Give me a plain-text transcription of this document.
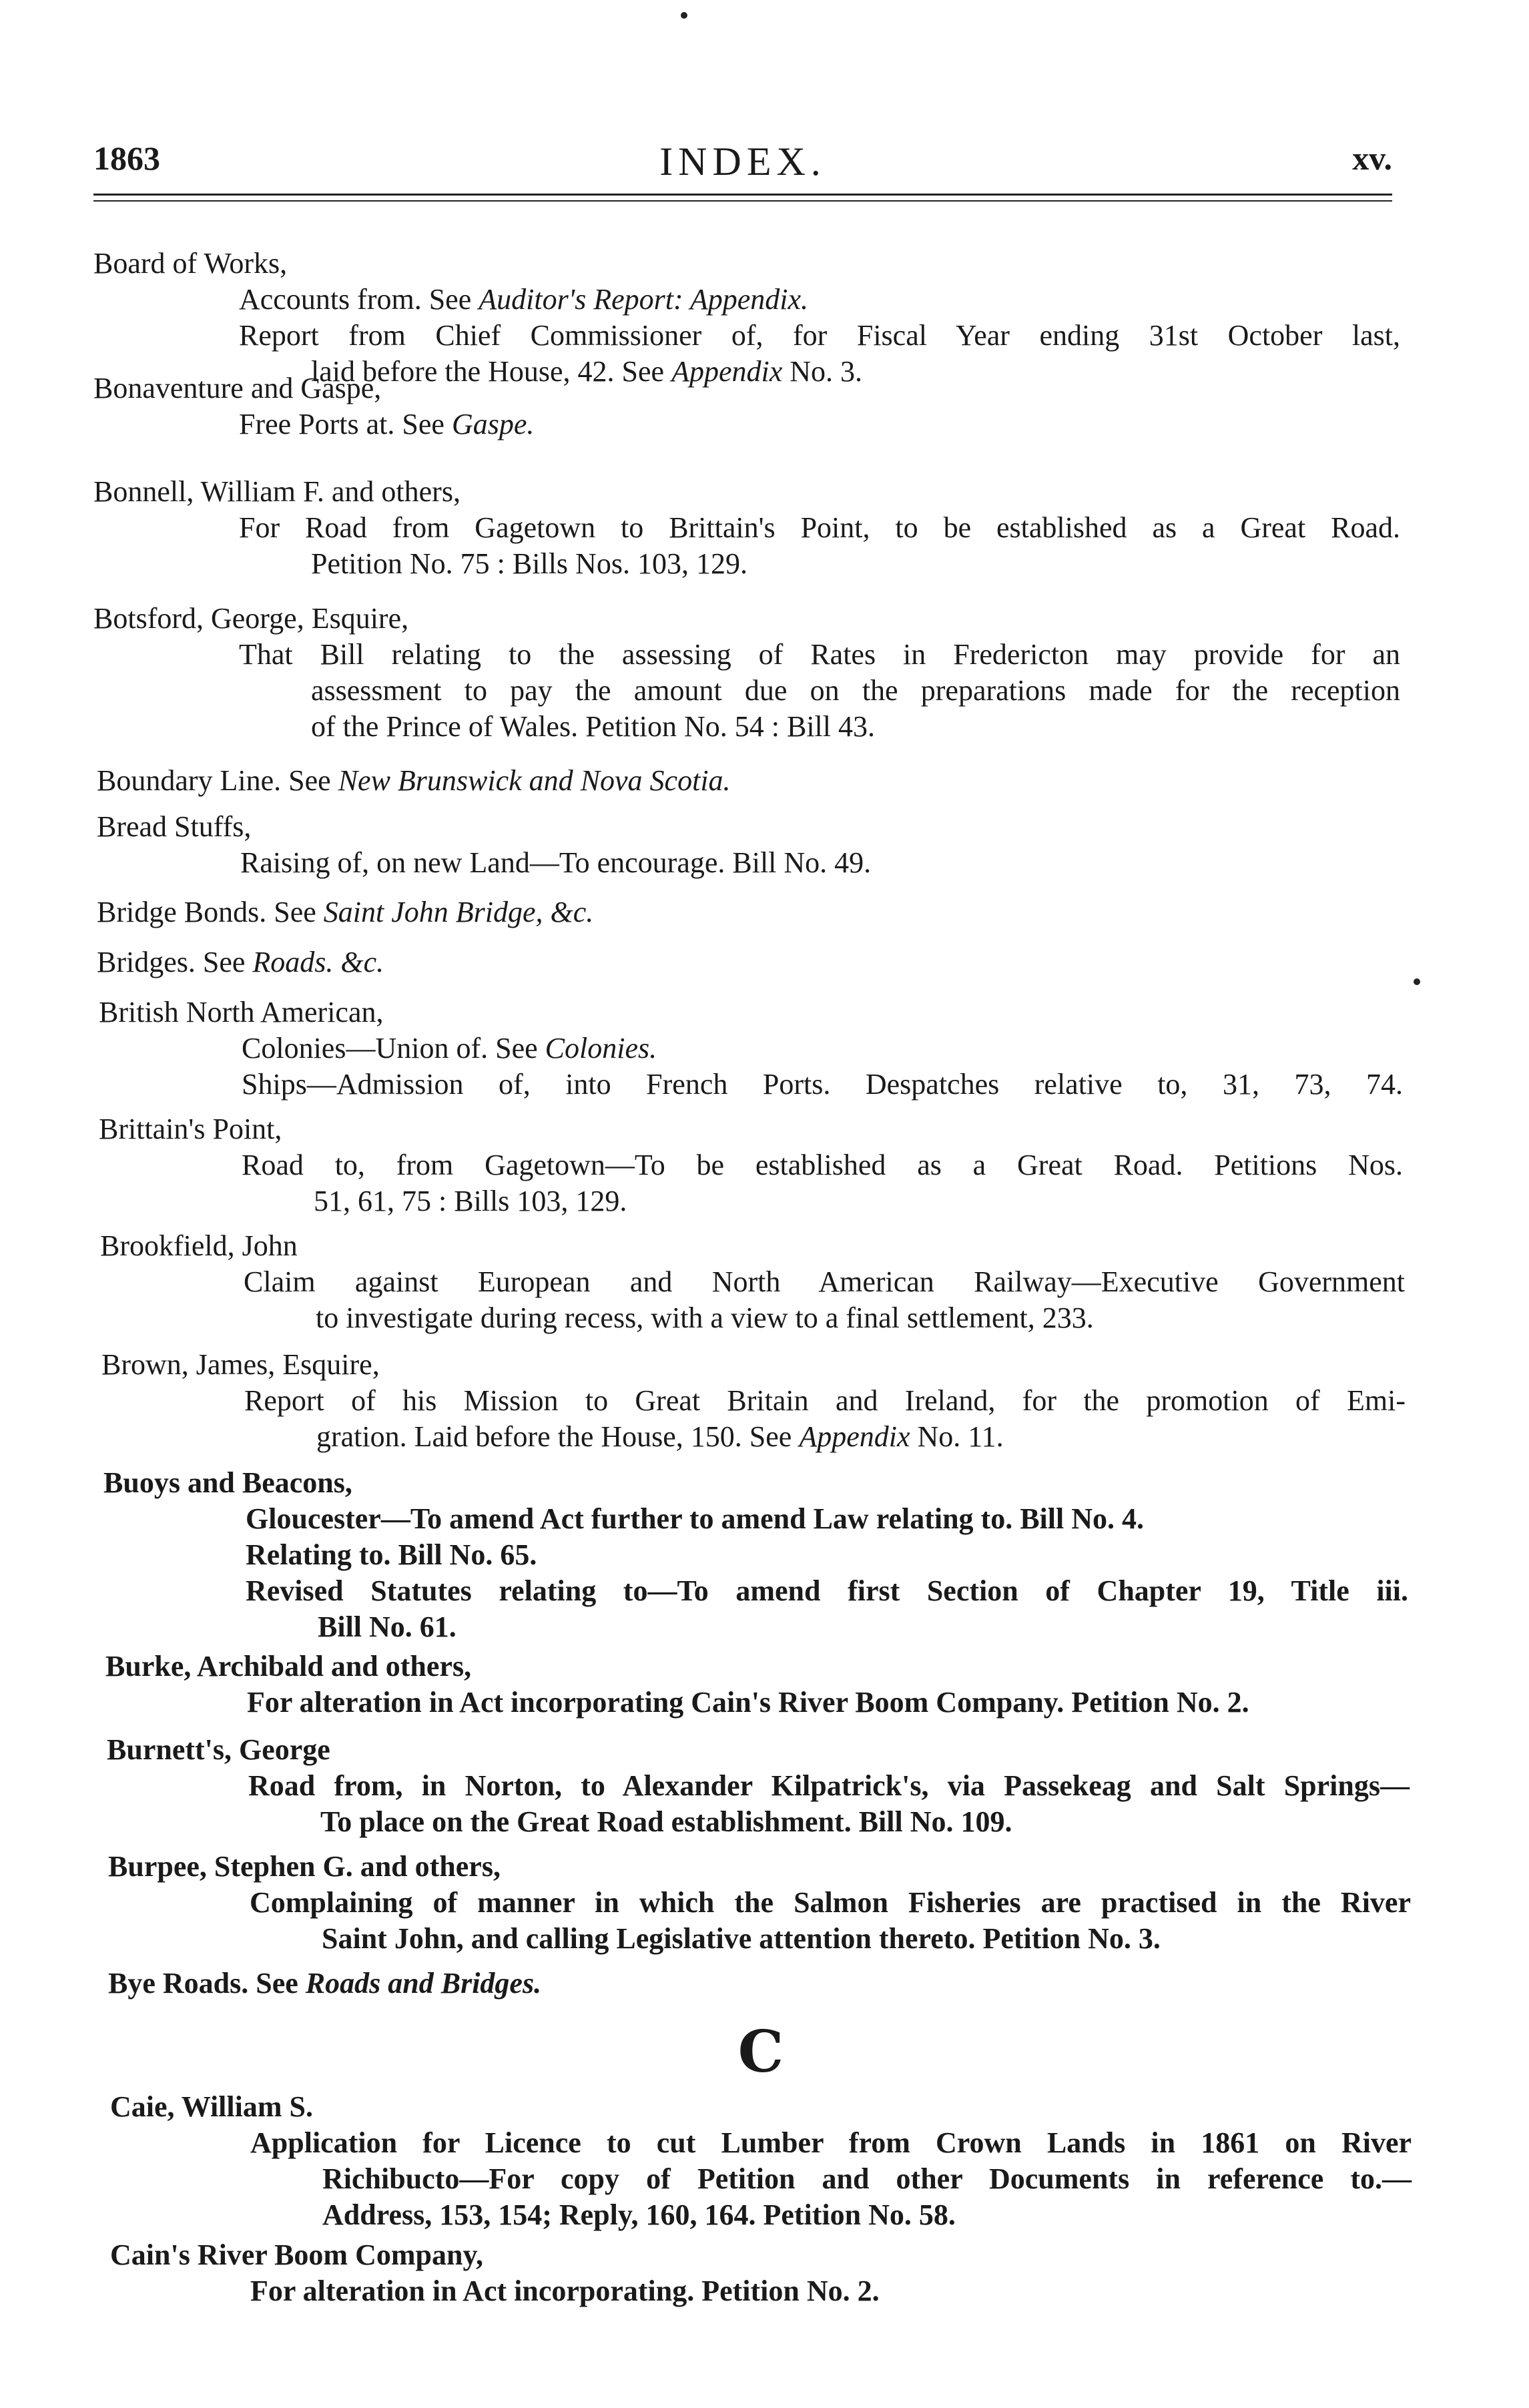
1863	INDEX.	xv.
Board of Works,
Accounts from. See Auditor's Report: Appendix.
Report from Chief Commissioner of, for Fiscal Year ending 31st October last,
laid before the House, 42. See Appendix No. 3.
Bonaventure and Gaspe,
Free Ports at. See Gaspe.
Bonnell, William F. and others,
For Road from Gagetown to Brittain's Point, to be established as a Great Road.
Petition No. 75 : Bills Nos. 103, 129.
Botsford, George, Esquire,
That Bill relating to the assessing of Rates in Fredericton may provide for an
assessment to pay the amount due on the preparations made for the reception
of the Prince of Wales. Petition No. 54 : Bill 43.
Boundary Line. See New Brunswick and Nova Scotia.
Bread Stuffs,
Raising of, on new Land—To encourage. Bill No. 49.
Bridge Bonds. See Saint John Bridge, &c.
Bridges. See Roads. &c.
British North American,
Colonies—Union of. See Colonies.
Ships—Admission of, into French Ports. Despatches relative to, 31, 73, 74.
Brittain's Point,
Road to, from Gagetown—To be established as a Great Road. Petitions Nos.
51, 61, 75 : Bills 103, 129.
Brookfield, John
Claim against European and North American Railway—Executive Government
to investigate during recess, with a view to a final settlement, 233.
Brown, James, Esquire,
Report of his Mission to Great Britain and Ireland, for the promotion of Emi-
gration. Laid before the House, 150. See Appendix No. 11.
Buoys and Beacons,
Gloucester—To amend Act further to amend Law relating to. Bill No. 4.
Relating to. Bill No. 65.
Revised Statutes relating to—To amend first Section of Chapter 19, Title iii.
Bill No. 61.
Burke, Archibald and others,
For alteration in Act incorporating Cain's River Boom Company. Petition No. 2.
Burnett's, George
Road from, in Norton, to Alexander Kilpatrick's, via Passekeag and Salt Springs—
To place on the Great Road establishment. Bill No. 109.
Burpee, Stephen G. and others,
Complaining of manner in which the Salmon Fisheries are practised in the River
Saint John, and calling Legislative attention thereto. Petition No. 3.
Bye Roads. See Roads and Bridges.
C
Caie, William S.
Application for Licence to cut Lumber from Crown Lands in 1861 on River
Richibucto—For copy of Petition and other Documents in reference to.—
Address, 153, 154; Reply, 160, 164. Petition No. 58.
Cain's River Boom Company,
For alteration in Act incorporating. Petition No. 2.
